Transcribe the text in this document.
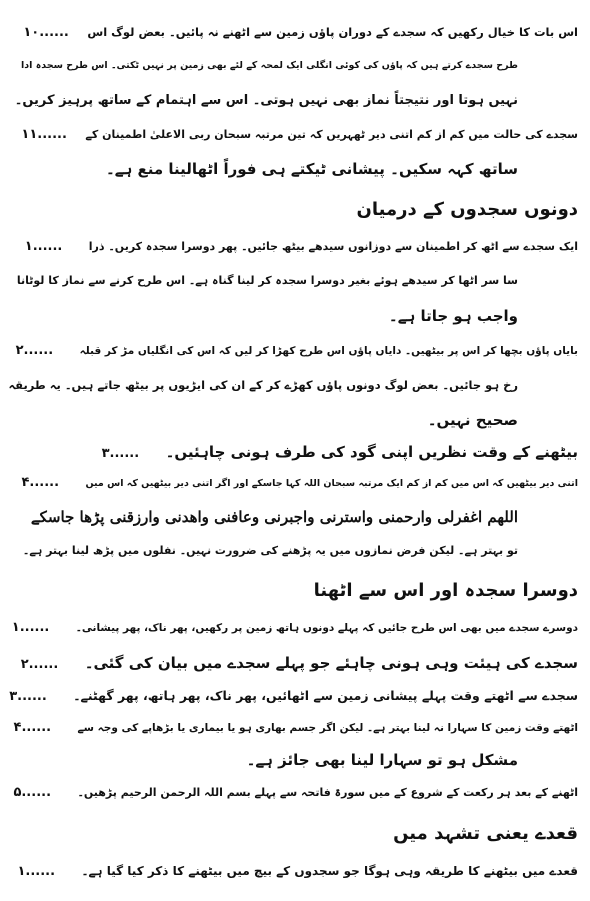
اس بات کا خیال رکھیں کہ سجدے کے دوران پاؤں زمین سے اٹھنے نہ پائیں۔ بعض لوگ اس۱۰......
طرح سجدے کرتے ہیں کہ پاؤں کی کوئی انگلی ایک لمحہ کے لئے بھی زمین پر نہیں ٹکتی۔ اس طرح سجدہ ادا
نہیں ہوتا اور نتیجتاً نماز بھی نہیں ہوتی۔ اس سے اہتمام کے ساتھ پرہیز کریں۔
سجدے کی حالت میں کم از کم اتنی دیر ٹھہریں کہ تین مرتبہ سبحان ربی الاعلیٰ اطمینان کے۱۱......
ساتھ کہہ سکیں۔ پیشانی ٹیکتے ہی فوراً اٹھالینا منع ہے۔
دونوں سجدوں کے درمیان
ایک سجدے سے اٹھ کر اطمینان سے دوزانوں سیدھے بیٹھ جائیں۔ پھر دوسرا سجدہ کریں۔ ذرا۱......
سا سر اٹھا کر سیدھے ہوئے بغیر دوسرا سجدہ کر لینا گناہ ہے۔ اس طرح کرنے سے نماز کا لوٹانا
واجب ہو جاتا ہے۔
بایاں پاؤں بچھا کر اس پر بیٹھیں۔ دایاں پاؤں اس طرح کھڑا کر لیں کہ اس کی انگلیاں مڑ کر قبلہ۲......
رخ ہو جائیں۔ بعض لوگ دونوں پاؤں کھڑے کر کے ان کی ایڑیوں پر بیٹھ جاتے ہیں۔ یہ طریقہ
صحیح نہیں۔
بیٹھنے کے وقت نظریں اپنی گود کی طرف ہونی چاہئیں۔۳......
اتنی دیر بیٹھیں کہ اس میں کم از کم ایک مرتبہ سبحان اللہ کہا جاسکے اور اگر اتنی دیر بیٹھیں کہ اس میں۴......
اللھم اغفرلی وارحمنی واسترنی واجبرنی وعافنی واھدنی وارزقنی پڑھا جاسکے
تو بہتر ہے۔ لیکن فرض نمازوں میں یہ پڑھنے کی ضرورت نہیں۔ نفلوں میں پڑھ لینا بہتر ہے۔
دوسرا سجدہ اور اس سے اٹھنا
دوسرے سجدے میں بھی اس طرح جائیں کہ پہلے دونوں ہاتھ زمین پر رکھیں، پھر ناک، پھر پیشانی۔۱......
سجدے کی ہیئت وہی ہونی چاہئے جو پہلے سجدے میں بیان کی گئی۔۲......
سجدے سے اٹھتے وقت پہلے پیشانی زمین سے اٹھائیں، پھر ناک، پھر ہاتھ، پھر گھٹنے۔۳......
اٹھتے وقت زمین کا سہارا نہ لینا بہتر ہے۔ لیکن اگر جسم بھاری ہو یا بیماری یا بڑھاپے کی وجہ سے۴......
مشکل ہو تو سہارا لینا بھی جائز ہے۔
اٹھنے کے بعد ہر رکعت کے شروع کے میں سورۃ فاتحہ سے پہلے بسم اللہ الرحمن الرحیم پڑھیں۔۵......
قعدے یعنی تشہد میں
قعدے میں بیٹھنے کا طریقہ وہی ہوگا جو سجدوں کے بیچ میں بیٹھنے کا ذکر کیا گیا ہے۔۱......
